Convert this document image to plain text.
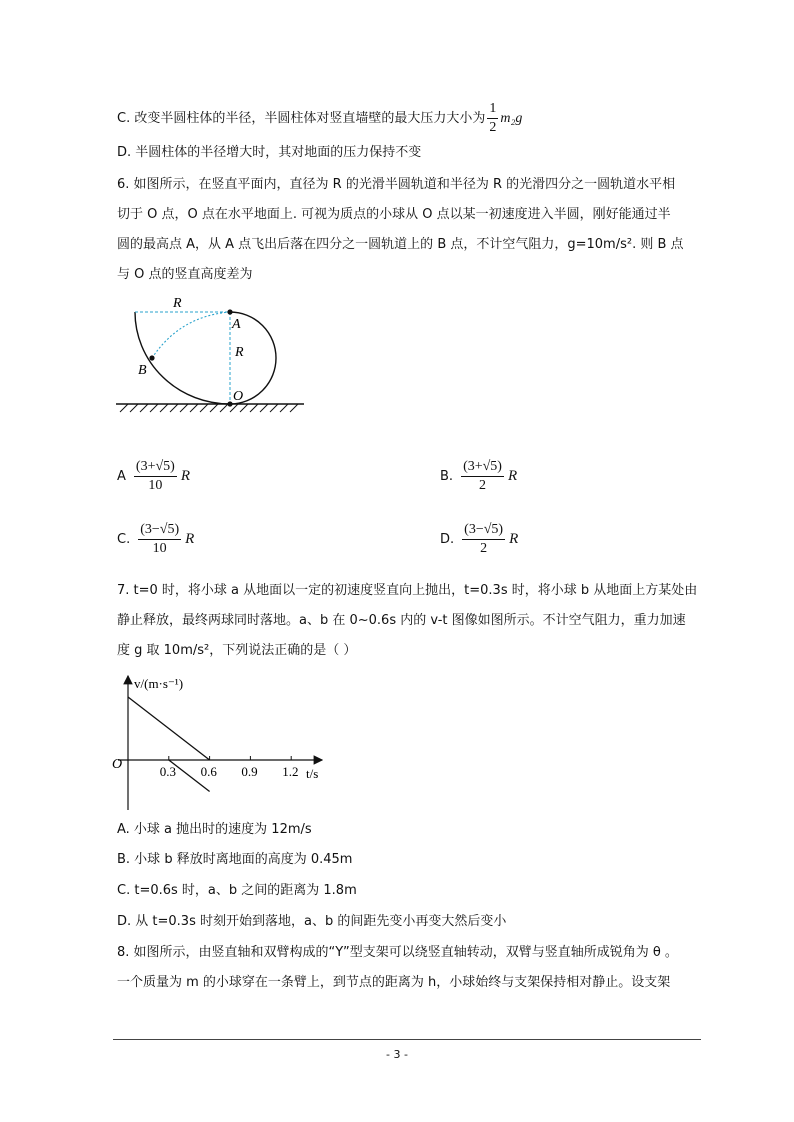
C.
改变半圆柱体的半径，半圆柱体对竖直墙壁的最大压力大小为 $\frac{1}{2} m_2g$
D. 半圆柱体的半径增大时，其对地面的压力保持不变
6. 如图所示，在竖直平面内，直径为 R 的光滑半圆轨道和半径为 R 的光滑四分之一圆轨道水平相
切于 O 点，O 点在水平地面上. 可视为质点的小球从 O 点以某一初速度进入半圆，刚好能通过半
圆的最高点 A，从 A 点飞出后落在四分之一圆轨道上的 B 点，不计空气阻力，g=10m/s². 则 B 点
与 O 点的竖直高度差为
R
A
R
B
O
A $\frac{(3+√5)}{10}$ R	B. $\frac{(3+√5)}{2}$ R
C. $\frac{(3-√5)}{10}$ R	D. $\frac{(3-√5)}{2}$ R
7. t=0 时，将小球 a 从地面以一定的初速度竖直向上抛出，t=0.3s 时，将小球 b 从地面上方某处由
静止释放，最终两球同时落地。a、b 在 0~0.6s 内的 v-t 图像如图所示。不计空气阻力，重力加速
度 g 取 10m/s²，下列说法正确的是（ ）
v/(m·s⁻¹)
t/s
O	0.3 0.6 0.9 1.2
A. 小球 a 抛出时的速度为 12m/s
B. 小球 b 释放时离地面的高度为 0.45m
C. t=0.6s 时，a、b 之间的距离为 1.8m
D. 从 t=0.3s 时刻开始到落地，a、b 的间距先变小再变大然后变小
8. 如图所示，由竖直轴和双臂构成的“Y”型支架可以绕竖直轴转动，双臂与竖直轴所成锐角为 θ 。
一个质量为 m 的小球穿在一条臂上，到节点的距离为 h，小球始终与支架保持相对静止。设支架
- 3 -
